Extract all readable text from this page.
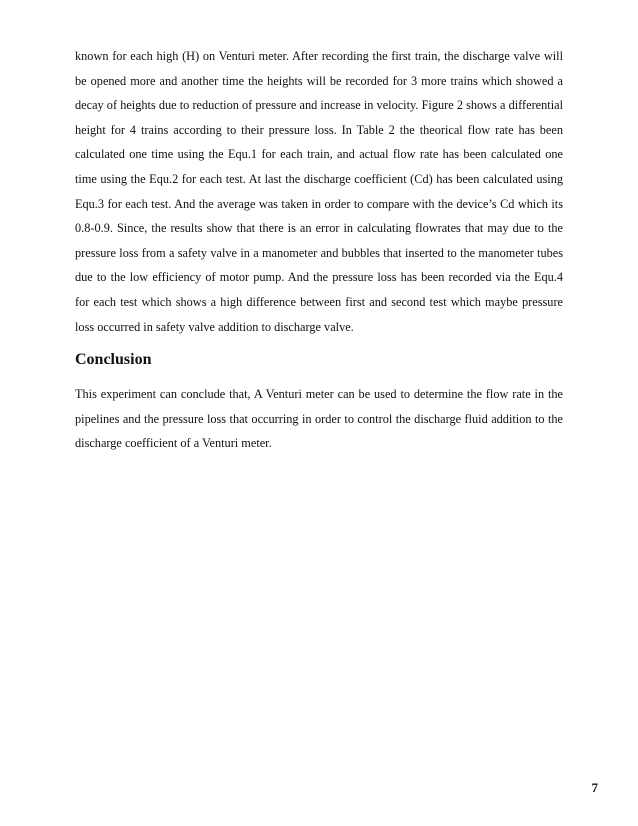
known for each high (H) on Venturi meter. After recording the first train, the discharge valve will
be opened more and another time the heights will be recorded for 3 more trains which showed a
decay of heights due to reduction of pressure and increase in velocity. Figure 2 shows a differential
height for 4 trains according to their pressure loss. In Table 2 the theorical flow rate has been
calculated one time using the Equ.1 for each train, and actual flow rate has been calculated one
time using the Equ.2 for each test. At last the discharge coefficient (Cd) has been calculated using
Equ.3 for each test. And the average was taken in order to compare with the device’s Cd which its
0.8-0.9. Since, the results show that there is an error in calculating flowrates that may due to the
pressure loss from a safety valve in a manometer and bubbles that inserted to the manometer tubes
due to the low efficiency of motor pump. And the pressure loss has been recorded via the Equ.4
for each test which shows a high difference between first and second test which maybe pressure
loss occurred in safety valve addition to discharge valve.
Conclusion
This experiment can conclude that, A Venturi meter can be used to determine the flow rate in the
pipelines and the pressure loss that occurring in order to control the discharge fluid addition to the
discharge coefficient of a Venturi meter.
7
